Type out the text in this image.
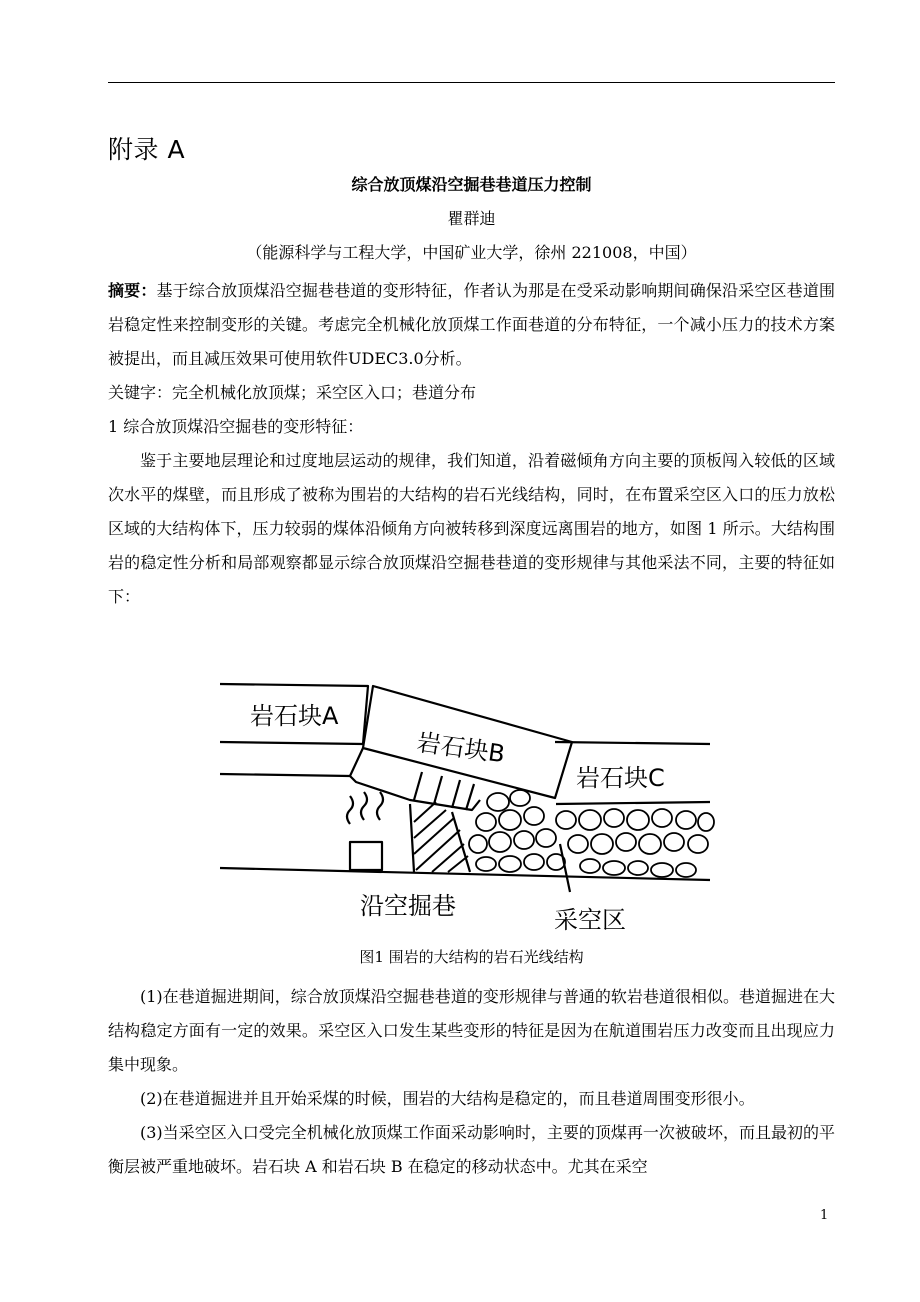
附录 A
综合放顶煤沿空掘巷巷道压力控制
瞿群迪
（能源科学与工程大学，中国矿业大学，徐州 221008，中国）

摘要：基于综合放顶煤沿空掘巷巷道的变形特征，作者认为那是在受采动影响期间确保沿采空区巷道围岩稳定性来控制变形的关键。考虑完全机械化放顶煤工作面巷道的分布特征，一个减小压力的技术方案被提出，而且减压效果可使用软件UDEC3.0分析。

关键字：完全机械化放顶煤；采空区入口；巷道分布

1 综合放顶煤沿空掘巷的变形特征：

鉴于主要地层理论和过度地层运动的规律，我们知道，沿着磁倾角方向主要的顶板闯入较低的区域次水平的煤壁，而且形成了被称为围岩的大结构的岩石光线结构，同时，在布置采空区入口的压力放松区域的大结构体下，压力较弱的煤体沿倾角方向被转移到深度远离围岩的地方，如图 1 所示。大结构围岩的稳定性分析和局部观察都显示综合放顶煤沿空掘巷巷道的变形规律与其他采法不同，主要的特征如下：

岩石块A
岩石块B
岩石块C
沿空掘巷	采空区
图1 围岩的大结构的岩石光线结构

(1)在巷道掘进期间，综合放顶煤沿空掘巷巷道的变形规律与普通的软岩巷道很相似。巷道掘进在大结构稳定方面有一定的效果。采空区入口发生某些变形的特征是因为在航道围岩压力改变而且出现应力集中现象。

(2)在巷道掘进并且开始采煤的时候，围岩的大结构是稳定的，而且巷道周围变形很小。

(3)当采空区入口受完全机械化放顶煤工作面采动影响时，主要的顶煤再一次被破坏，而且最初的平衡层被严重地破坏。岩石块 A 和岩石块 B 在稳定的移动状态中。尤其在采空

1
